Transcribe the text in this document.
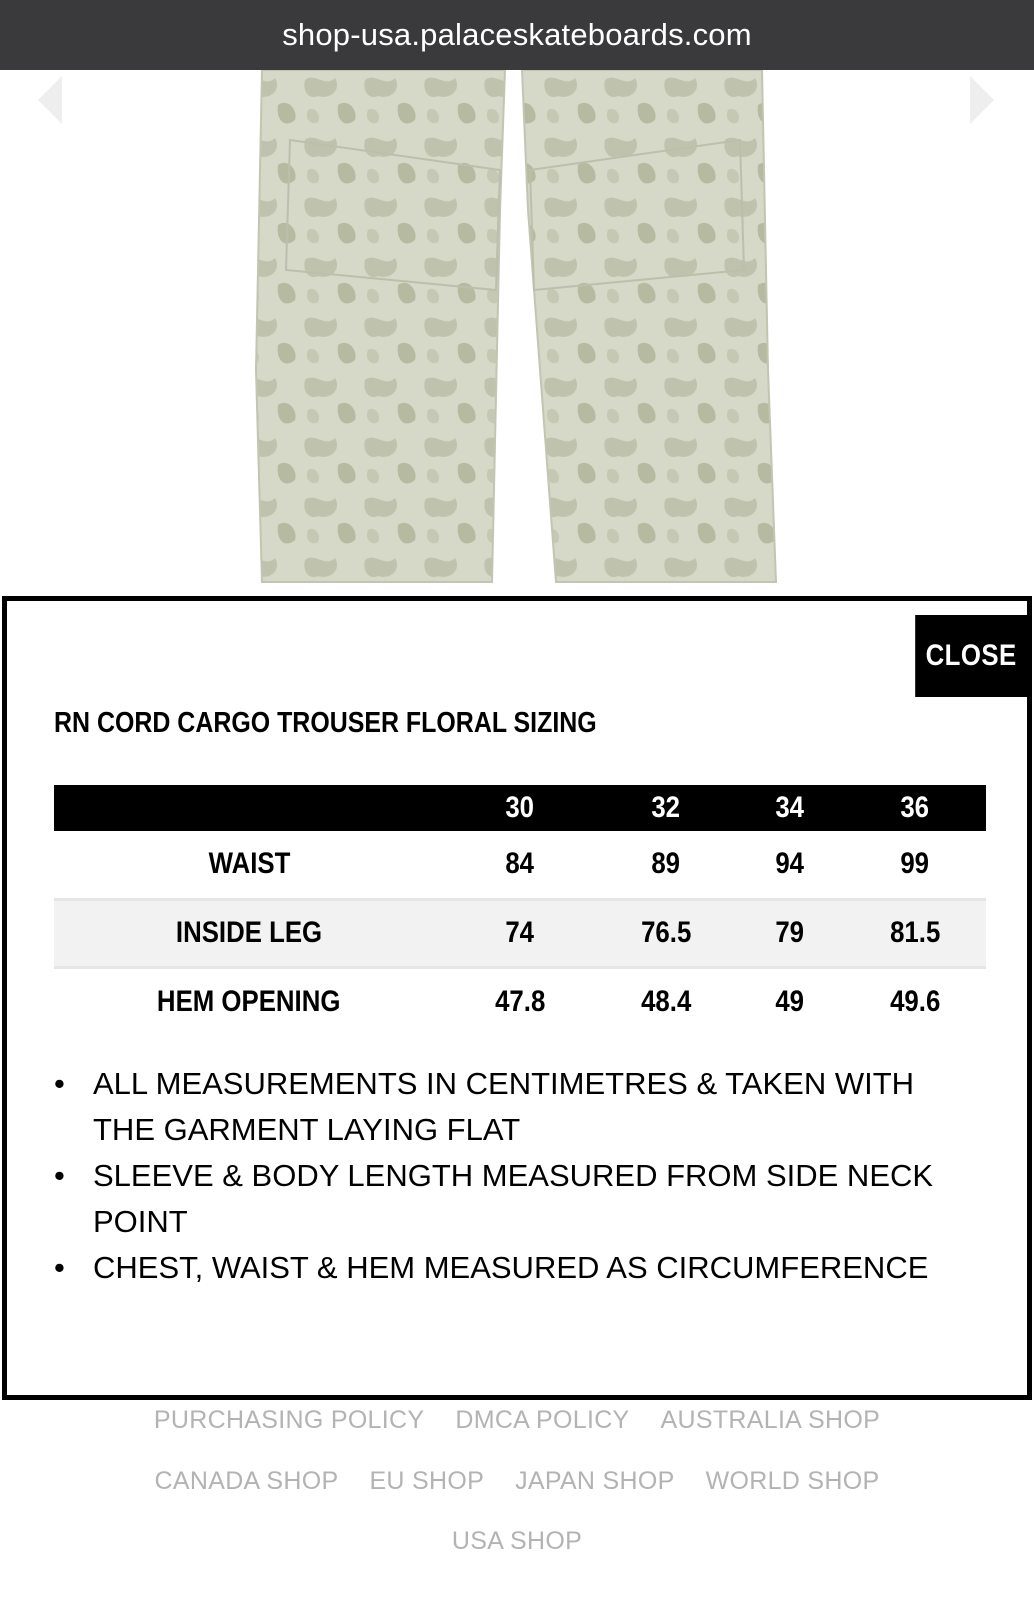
shop-usa.palaceskateboards.com
CLOSE
RN CORD CARGO TROUSER FLORAL SIZING
	30	32	34	36
WAIST	84	89	94	99
INSIDE LEG	74	76.5	79	81.5
HEM OPENING	47.8	48.4	49	49.6
• ALL MEASUREMENTS IN CENTIMETRES & TAKEN WITH THE GARMENT LAYING FLAT
• SLEEVE & BODY LENGTH MEASURED FROM SIDE NECK POINT
• CHEST, WAIST & HEM MEASURED AS CIRCUMFERENCE
PURCHASING POLICY DMCA POLICY AUSTRALIA SHOP
CANADA SHOP EU SHOP JAPAN SHOP WORLD SHOP
USA SHOP
